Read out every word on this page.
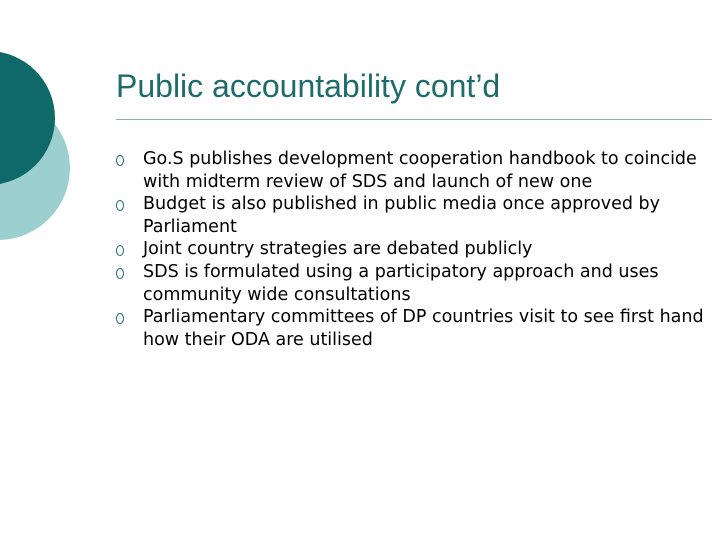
Public accountability cont’d
Go.S publishes development cooperation handbook to coincide with midterm review of SDS and launch of new one
Budget is also published in public media once approved by Parliament
Joint country strategies are debated publicly
SDS is formulated using a participatory approach and uses community wide consultations
Parliamentary committees of DP countries visit to see first hand how their ODA are utilised
